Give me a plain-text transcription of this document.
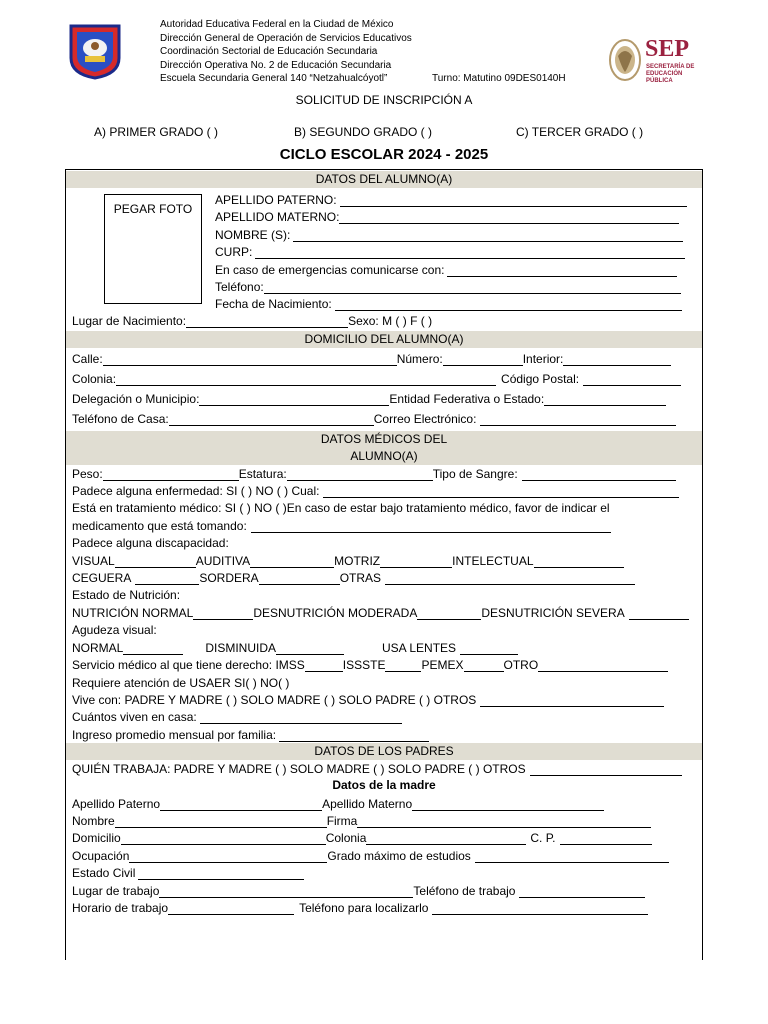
Autoridad Educativa Federal en la Ciudad de México
Dirección General de Operación de Servicios Educativos
Coordinación Sectorial de Educación Secundaria
Dirección Operativa No. 2 de Educación Secundaria
Escuela Secundaria General 140 “Netzahualcóyotl”	Turno: Matutino 09DES0140H
SEP
SECRETARÍA DE
EDUCACIÓN PÚBLICA
SOLICITUD DE INSCRIPCIÓN A
A) PRIMER GRADO ( )	B) SEGUNDO GRADO ( )	C) TERCER GRADO ( )
CICLO ESCOLAR 2024 - 2025
DATOS DEL ALUMNO(A)
PEGAR FOTO
APELLIDO PATERNO:
APELLIDO MATERNO:
NOMBRE (S):
CURP:
En caso de emergencias comunicarse con:
Teléfono:
Fecha de Nacimiento:
Lugar de Nacimiento:	Sexo: M ( ) F ( )
DOMICILIO DEL ALUMNO(A)
Calle:	Número:	Interior:
Colonia:	Código Postal:
Delegación o Municipio:	Entidad Federativa o Estado:
Teléfono de Casa:	Correo Electrónico:
DATOS MÉDICOS DEL
ALUMNO(A)
Peso:	Estatura:	Tipo de Sangre:
Padece alguna enfermedad: SI ( ) NO ( ) Cual:
Está en tratamiento médico: SI ( ) NO ( )En caso de estar bajo tratamiento médico, favor de indicar el
medicamento que está tomando:
Padece alguna discapacidad:
VISUAL	AUDITIVA	MOTRIZ	INTELECTUAL
CEGUERA	SORDERA	OTRAS
Estado de Nutrición:
NUTRICIÓN NORMAL	DESNUTRICIÓN MODERADA	DESNUTRICIÓN SEVERA
Agudeza visual:
NORMAL	DISMINUIDA	USA LENTES
Servicio médico al que tiene derecho: IMSS	ISSSTE	PEMEX	OTRO
Requiere atención de USAER SI( ) NO( )
Vive con: PADRE Y MADRE ( ) SOLO MADRE ( ) SOLO PADRE ( ) OTROS
Cuántos viven en casa:
Ingreso promedio mensual por familia:
DATOS DE LOS PADRES
QUIÉN TRABAJA: PADRE Y MADRE ( ) SOLO MADRE ( ) SOLO PADRE ( ) OTROS
Datos de la madre
Apellido Paterno	Apellido Materno
Nombre	Firma
Domicilio	Colonia	C. P.
Ocupación	Grado máximo de estudios
Estado Civil
Lugar de trabajo	Teléfono de trabajo
Horario de trabajo	Teléfono para localizarlo
